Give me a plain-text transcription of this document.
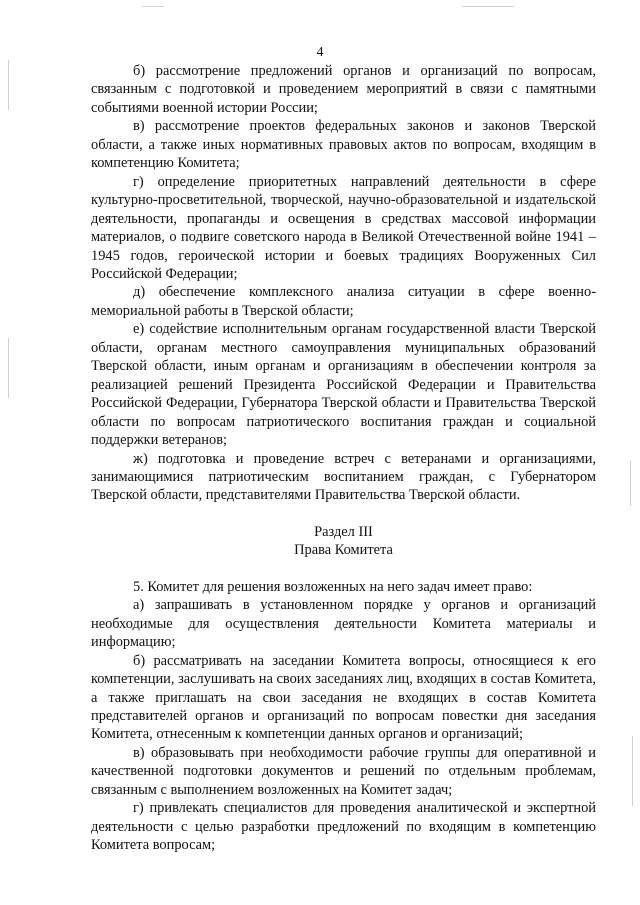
4

б) рассмотрение предложений органов и организаций по вопросам, связанным с подготовкой и проведением мероприятий в связи с памятными событиями военной истории России;

в) рассмотрение проектов федеральных законов и законов Тверской области, а также иных нормативных правовых актов по вопросам, входящим в компетенцию Комитета;

г) определение приоритетных направлений деятельности в сфере культурно-просветительной, творческой, научно-образовательной и издательской деятельности, пропаганды и освещения в средствах массовой информации материалов, о подвиге советского народа в Великой Отечественной войне 1941 – 1945 годов, героической истории и боевых традициях Вооруженных Сил Российской Федерации;

д) обеспечение комплексного анализа ситуации в сфере военно-мемориальной работы в Тверской области;

е) содействие исполнительным органам государственной власти Тверской области, органам местного самоуправления муниципальных образований Тверской области, иным органам и организациям в обеспечении контроля за реализацией решений Президента Российской Федерации и Правительства Российской Федерации, Губернатора Тверской области и Правительства Тверской области по вопросам патриотического воспитания граждан и социальной поддержки ветеранов;

ж) подготовка и проведение встреч с ветеранами и организациями, занимающимися патриотическим воспитанием граждан, с Губернатором Тверской области, представителями Правительства Тверской области.

Раздел III

Права Комитета

5. Комитет для решения возложенных на него задач имеет право:

а) запрашивать в установленном порядке у органов и организаций необходимые для осуществления деятельности Комитета материалы и информацию;

б) рассматривать на заседании Комитета вопросы, относящиеся к его компетенции, заслушивать на своих заседаниях лиц, входящих в состав Комитета, а также приглашать на свои заседания не входящих в состав Комитета представителей органов и организаций по вопросам повестки дня заседания Комитета, отнесенным к компетенции данных органов и организаций;

в) образовывать при необходимости рабочие группы для оперативной и качественной подготовки документов и решений по отдельным проблемам, связанным с выполнением возложенных на Комитет задач;

г) привлекать специалистов для проведения аналитической и экспертной деятельности с целью разработки предложений по входящим в компетенцию Комитета вопросам;
